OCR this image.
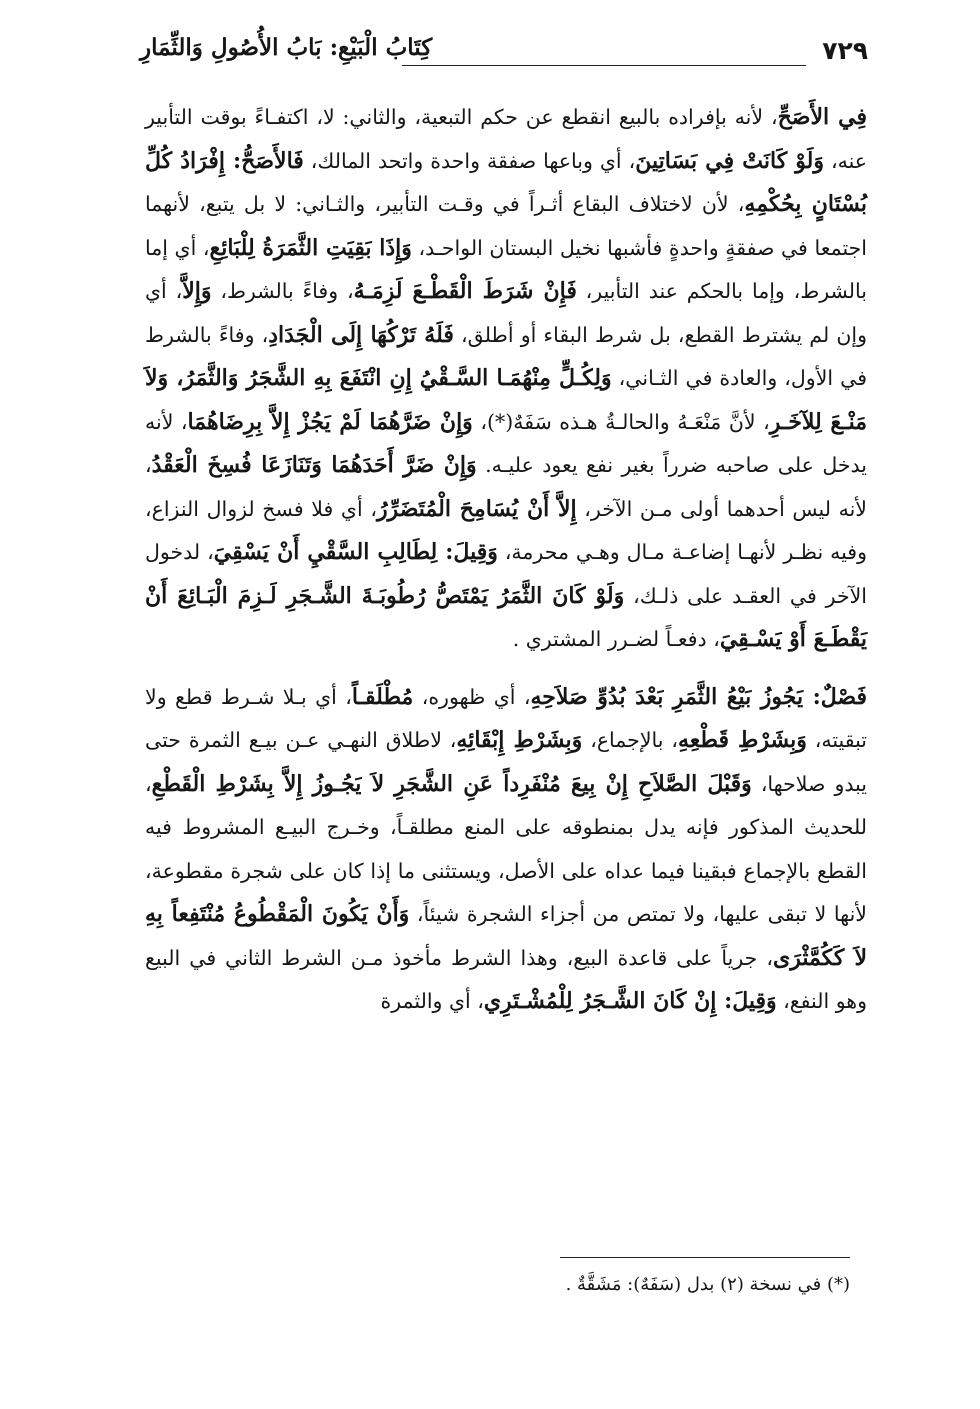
٧٢٩
كِتَابُ الْبَيْعِ: بَابُ الأُصُولِ وَالثِّمَارِ

فِي الأَصَحِّ، لأنه بإفراده بالبيع انقطع عن حكم التبعية، والثاني: لا، اكتفـاءً بوقت التأبير عنه، وَلَوْ كَانَتْ فِي بَسَاتِينَ، أي وباعها صفقة واحدة واتحد المالك، فَالأَصَحُّ: إِفْرَادُ كُلِّ بُسْتَانٍ بِحُكْمِهِ، لأن لاختلاف البقاع أثـراً في وقـت التأبير، والثـاني: لا بل يتبع، لأنهما اجتمعا في صفقةٍ واحدةٍ فأشبها نخيل البستان الواحـد، وَإِذَا بَقِيَتِ الثَّمَرَةُ لِلْبَائِعِ، أي إما بالشرط، وإما بالحكم عند التأبير، فَإِنْ شَرَطَ الْقَطْـعَ لَزِمَـهُ، وفاءً بالشرط، وَإِلاَّ، أي وإن لم يشترط القطع، بل شرط البقاء أو أطلق، فَلَهُ تَرْكُهَا إِلَى الْجَدَادِ، وفاءً بالشرط في الأول، والعادة في الثـاني، وَلِكُـلٍّ مِنْهُمَـا السَّـقْيُ إِنِ انْتَفَعَ بِهِ الشَّجَرُ وَالثَّمَرُ، وَلاَ مَنْـعَ لِلآخَـرِ، لأنَّ مَنْعَـهُ والحالـةُ هـذه سَفَهٌ(*)، وَإِنْ ضَرَّهُمَا لَمْ يَجُزْ إِلاَّ بِرِضَاهُمَا، لأنه يدخل على صاحبه ضرراً بغير نفع يعود عليـه. وَإِنْ ضَرَّ أَحَدَهُمَا وَتَنَازَعَا فُسِخَ الْعَقْدُ، لأنه ليس أحدهما أولى مـن الآخر، إِلاَّ أَنْ يُسَامِحَ الْمُتَضَرِّرُ، أي فلا فسخ لزوال النزاع، وفيه نظـر لأنهـا إضاعـة مـال وهـي محرمة، وَقِيلَ: لِطَالِبِ السَّقْيِ أَنْ يَسْقِيَ، لدخول الآخر في العقـد على ذلـك، وَلَوْ كَانَ الثَّمَرُ يَمْتَصُّ رُطُوبَـةَ الشَّـجَرِ لَـزِمَ الْبَـائِعَ أَنْ يَقْطَـعَ أَوْ يَسْـقِيَ، دفعـاً لضـرر المشتري .

فَصْلٌ: يَجُوزُ بَيْعُ الثَّمَرِ بَعْدَ بُدُوِّ صَلاَحِهِ، أي ظهوره، مُطْلَقـاً، أي بـلا شـرط قطع ولا تبقيته، وَبِشَرْطِ قَطْعِهِ، بالإجماع، وَبِشَرْطِ إِبْقَائِهِ، لاطلاق النهـي عـن بيـع الثمرة حتى يبدو صلاحها، وَقَبْلَ الصَّلاَحِ إِنْ بِيعَ مُنْفَرِداً عَنِ الشَّجَرِ لاَ يَجُـوزُ إِلاَّ بِشَرْطِ الْقَطْعِ، للحديث المذكور فإنه يدل بمنطوقه على المنع مطلقـاً، وخـرج البيـع المشروط فيه القطع بالإجماع فبقينا فيما عداه على الأصل، ويستثنى ما إذا كان على شجرة مقطوعة، لأنها لا تبقى عليها، ولا تمتص من أجزاء الشجرة شيئاً، وَأَنْ يَكُونَ الْمَقْطُوعُ مُنْتَفِعاً بِهِ لاَ كَكُمَّثْرَى، جرياً على قاعدة البيع، وهذا الشرط مأخوذ مـن الشرط الثاني في البيع وهو النفع، وَقِيلَ: إِنْ كَانَ الشَّـجَرُ لِلْمُشْـتَرِي، أي والثمرة

(*) في نسخة (٢) بدل (سَفَهٌ): مَشَقَّةٌ .
